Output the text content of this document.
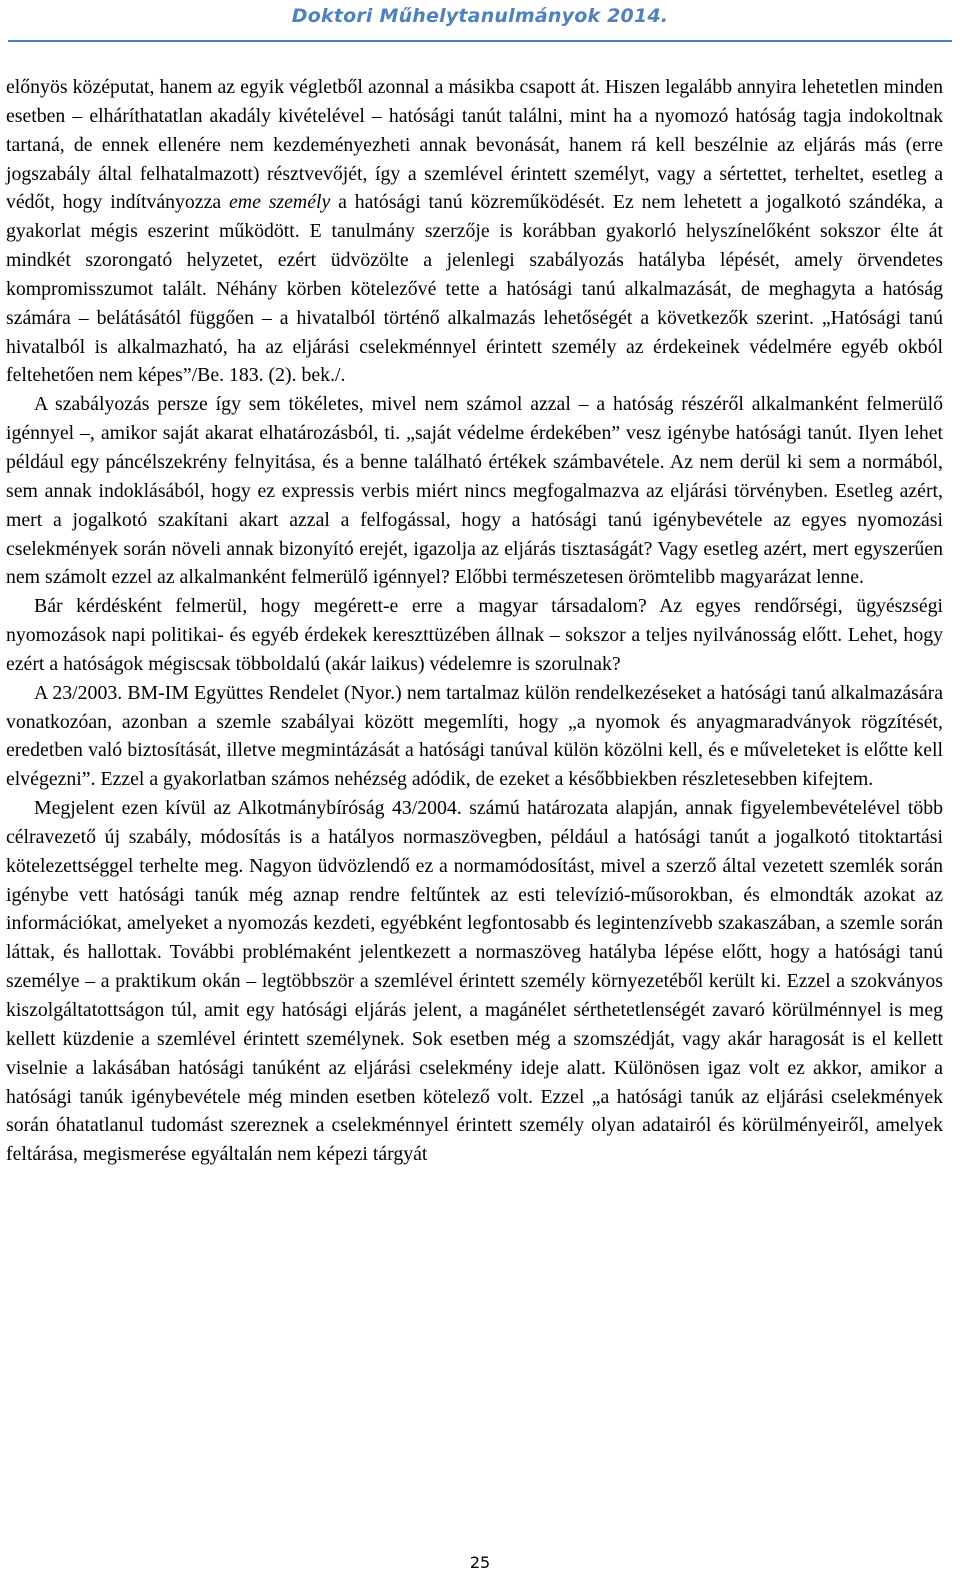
Doktori Műhelytanulmányok 2014.

előnyös középutat, hanem az egyik végletből azonnal a másikba csapott át. Hiszen legalább annyira lehetetlen minden esetben – elháríthatatlan akadály kivételével – hatósági tanút találni, mint ha a nyomozó hatóság tagja indokoltnak tartaná, de ennek ellenére nem kezdeményezheti annak bevonását, hanem rá kell beszélnie az eljárás más (erre jogszabály által felhatalmazott) résztvevőjét, így a szemlével érintett személyt, vagy a sértettet, terheltet, esetleg a védőt, hogy indítványozza eme személy a hatósági tanú közreműködését. Ez nem lehetett a jogalkotó szándéka, a gyakorlat mégis eszerint működött. E tanulmány szerzője is korábban gyakorló helyszínelőként sokszor élte át mindkét szorongató helyzetet, ezért üdvözölte a jelenlegi szabályozás hatályba lépését, amely örvendetes kompromisszumot talált. Néhány körben kötelezővé tette a hatósági tanú alkalmazását, de meghagyta a hatóság számára – belátásától függően – a hivatalból történő alkalmazás lehetőségét a következők szerint. „Hatósági tanú hivatalból is alkalmazható, ha az eljárási cselekménnyel érintett személy az érdekeinek védelmére egyéb okból feltehetően nem képes”/Be. 183. (2). bek./.

A szabályozás persze így sem tökéletes, mivel nem számol azzal – a hatóság részéről alkalmanként felmerülő igénnyel –, amikor saját akarat elhatározásból, ti. „saját védelme érdekében” vesz igénybe hatósági tanút. Ilyen lehet például egy páncélszekrény felnyitása, és a benne található értékek számbavétele. Az nem derül ki sem a normából, sem annak indoklásából, hogy ez expressis verbis miért nincs megfogalmazva az eljárási törvényben. Esetleg azért, mert a jogalkotó szakítani akart azzal a felfogással, hogy a hatósági tanú igénybevétele az egyes nyomozási cselekmények során növeli annak bizonyító erejét, igazolja az eljárás tisztaságát? Vagy esetleg azért, mert egyszerűen nem számolt ezzel az alkalmanként felmerülő igénnyel? Előbbi természetesen örömtelibb magyarázat lenne.

Bár kérdésként felmerül, hogy megérett-e erre a magyar társadalom? Az egyes rendőrségi, ügyészségi nyomozások napi politikai- és egyéb érdekek kereszttüzében állnak – sokszor a teljes nyilvánosság előtt. Lehet, hogy ezért a hatóságok mégiscsak többoldalú (akár laikus) védelemre is szorulnak?

A 23/2003. BM-IM Együttes Rendelet (Nyor.) nem tartalmaz külön rendelkezéseket a hatósági tanú alkalmazására vonatkozóan, azonban a szemle szabályai között megemlíti, hogy „a nyomok és anyagmaradványok rögzítését, eredetben való biztosítását, illetve megmintázását a hatósági tanúval külön közölni kell, és e műveleteket is előtte kell elvégezni”. Ezzel a gyakorlatban számos nehézség adódik, de ezeket a későbbiekben részletesebben kifejtem.

Megjelent ezen kívül az Alkotmánybíróság 43/2004. számú határozata alapján, annak figyelembevételével több célravezető új szabály, módosítás is a hatályos normaszövegben, például a hatósági tanút a jogalkotó titoktartási kötelezettséggel terhelte meg. Nagyon üdvözlendő ez a normamódosítást, mivel a szerző által vezetett szemlék során igénybe vett hatósági tanúk még aznap rendre feltűntek az esti televízió-műsorokban, és elmondták azokat az információkat, amelyeket a nyomozás kezdeti, egyébként legfontosabb és legintenzívebb szakaszában, a szemle során láttak, és hallottak. További problémaként jelentkezett a normaszöveg hatályba lépése előtt, hogy a hatósági tanú személye – a praktikum okán – legtöbbször a szemlével érintett személy környezetéből került ki. Ezzel a szokványos kiszolgáltatottságon túl, amit egy hatósági eljárás jelent, a magánélet sérthetetlenségét zavaró körülménnyel is meg kellett küzdenie a szemlével érintett személynek. Sok esetben még a szomszédját, vagy akár haragosát is el kellett viselnie a lakásában hatósági tanúként az eljárási cselekmény ideje alatt. Különösen igaz volt ez akkor, amikor a hatósági tanúk igénybevétele még minden esetben kötelező volt. Ezzel „a hatósági tanúk az eljárási cselekmények során óhatatlanul tudomást szereznek a cselekménnyel érintett személy olyan adatairól és körülményeiről, amelyek feltárása, megismerése egyáltalán nem képezi tárgyát

25
